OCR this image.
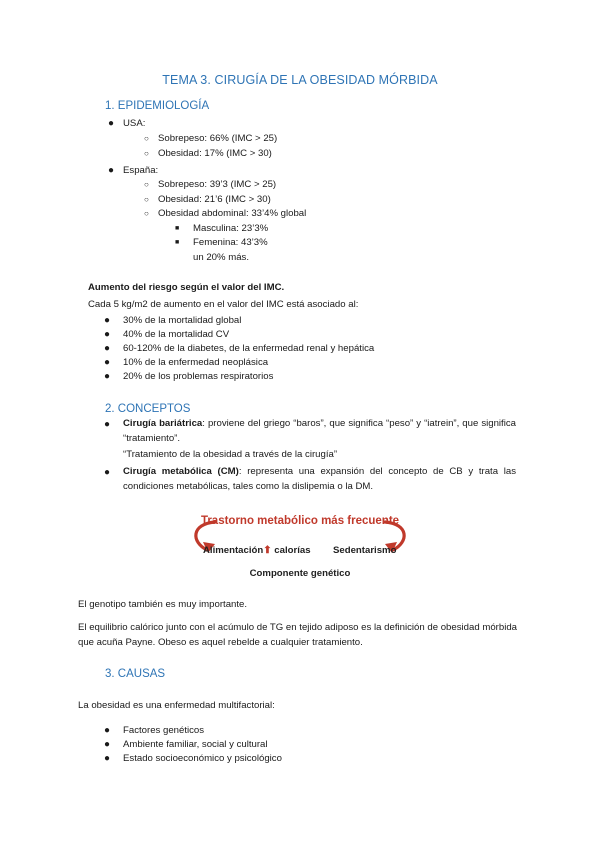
TEMA 3. CIRUGÍA DE LA OBESIDAD MÓRBIDA
1. EPIDEMIOLOGÍA
● USA:
○ Sobrepeso: 66% (IMC > 25)
○ Obesidad: 17% (IMC > 30)
● España:
○ Sobrepeso: 39’3 (IMC > 25)
○ Obesidad: 21’6 (IMC > 30)
○ Obesidad abdominal: 33’4% global
■ Masculina: 23’3%
■ Femenina: 43’3%
un 20% más.
Aumento del riesgo según el valor del IMC.
Cada 5 kg/m2 de aumento en el valor del IMC está asociado al:
● 30% de la mortalidad global
● 40% de la mortalidad CV
● 60-120% de la diabetes, de la enfermedad renal y hepática
● 10% de la enfermedad neoplásica
● 20% de los problemas respiratorios
2. CONCEPTOS
● Cirugía bariátrica: proviene del griego “baros”, que significa “peso” y “iatrein”, que significa “tratamiento”.
“Tratamiento de la obesidad a través de la cirugía”
● Cirugía metabólica (CM): representa una expansión del concepto de CB y trata las condiciones metabólicas, tales como la dislipemia o la DM.
Trastorno metabólico más frecuente
Alimentación⬆ calorías Sedentarismo
Componente genético
El genotipo también es muy importante.
El equilibrio calórico junto con el acúmulo de TG en tejido adiposo es la definición de obesidad mórbida que acuña Payne. Obeso es aquel rebelde a cualquier tratamiento.
3. CAUSAS
La obesidad es una enfermedad multifactorial:
● Factores genéticos
● Ambiente familiar, social y cultural
● Estado socioeconómico y psicológico
